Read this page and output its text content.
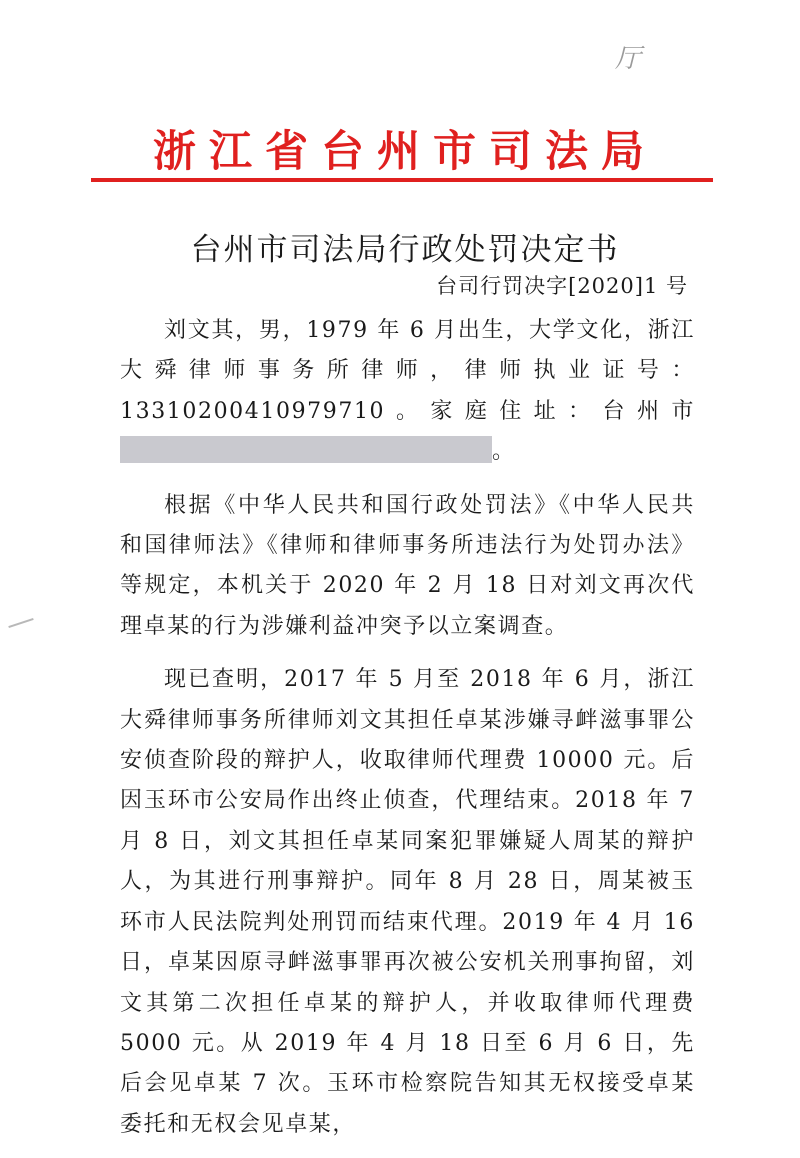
厅
浙江省台州市司法局
台州市司法局行政处罚决定书
台司行罚决字[2020]1 号

刘文其，男，1979 年 6 月出生，大学文化，浙江大舜律师事务所律师，律师执业证号：13310200410979710。家庭住址：台州市。

根据《中华人民共和国行政处罚法》《中华人民共和国律师法》《律师和律师事务所违法行为处罚办法》等规定，本机关于 2020 年 2 月 18 日对刘文再次代理卓某的行为涉嫌利益冲突予以立案调查。

现已查明，2017 年 5 月至 2018 年 6 月，浙江大舜律师事务所律师刘文其担任卓某涉嫌寻衅滋事罪公安侦查阶段的辩护人，收取律师代理费 10000 元。后因玉环市公安局作出终止侦查，代理结束。2018 年 7 月 8 日，刘文其担任卓某同案犯罪嫌疑人周某的辩护人，为其进行刑事辩护。同年 8 月 28 日，周某被玉环市人民法院判处刑罚而结束代理。2019 年 4 月 16 日，卓某因原寻衅滋事罪再次被公安机关刑事拘留，刘文其第二次担任卓某的辩护人，并收取律师代理费 5000 元。从 2019 年 4 月 18 日至 6 月 6 日，先后会见卓某 7 次。玉环市检察院告知其无权接受卓某委托和无权会见卓某，
